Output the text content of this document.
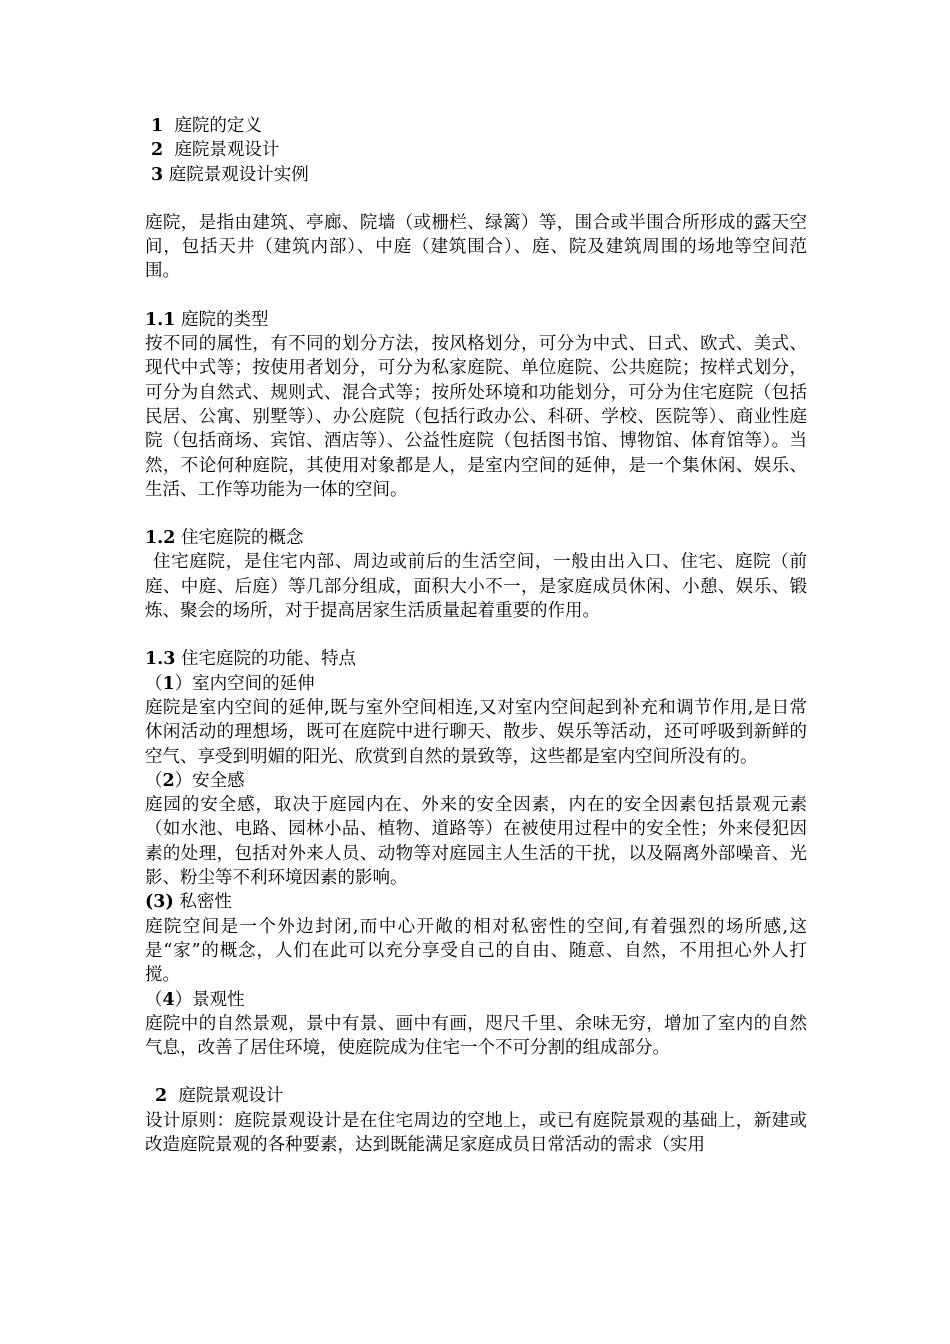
1  庭院的定义
2  庭院景观设计
3 庭院景观设计实例

庭院，是指由建筑、亭廊、院墙（或栅栏、绿篱）等，围合或半围合所形成的露天空间，包括天井（建筑内部）、中庭（建筑围合）、庭、院及建筑周围的场地等空间范围。

1.1 庭院的类型

按不同的属性，有不同的划分方法，按风格划分，可分为中式、日式、欧式、美式、现代中式等；按使用者划分，可分为私家庭院、单位庭院、公共庭院；按样式划分，可分为自然式、规则式、混合式等；按所处环境和功能划分，可分为住宅庭院（包括民居、公寓、别墅等）、办公庭院（包括行政办公、科研、学校、医院等）、商业性庭院（包括商场、宾馆、酒店等）、公益性庭院（包括图书馆、博物馆、体育馆等）。当然，不论何种庭院，其使用对象都是人，是室内空间的延伸，是一个集休闲、娱乐、生活、工作等功能为一体的空间。

1.2 住宅庭院的概念

住宅庭院，是住宅内部、周边或前后的生活空间，一般由出入口、住宅、庭院（前庭、中庭、后庭）等几部分组成，面积大小不一，是家庭成员休闲、小憩、娱乐、锻炼、聚会的场所，对于提高居家生活质量起着重要的作用。

1.3 住宅庭院的功能、特点
（1）室内空间的延伸

庭院是室内空间的延伸,既与室外空间相连,又对室内空间起到补充和调节作用,是日常休闲活动的理想场，既可在庭院中进行聊天、散步、娱乐等活动，还可呼吸到新鲜的空气、享受到明媚的阳光、欣赏到自然的景致等，这些都是室内空间所没有的。

（2）安全感

庭园的安全感，取决于庭园内在、外来的安全因素，内在的安全因素包括景观元素（如水池、电路、园林小品、植物、道路等）在被使用过程中的安全性；外来侵犯因素的处理，包括对外来人员、动物等对庭园主人生活的干扰，以及隔离外部噪音、光影、粉尘等不利环境因素的影响。

(3) 私密性

庭院空间是一个外边封闭,而中心开敞的相对私密性的空间,有着强烈的场所感,这是“家”的概念，人们在此可以充分享受自己的自由、随意、自然，不用担心外人打搅。

（4）景观性

庭院中的自然景观，景中有景、画中有画，咫尺千里、余味无穷，增加了室内的自然气息，改善了居住环境，使庭院成为住宅一个不可分割的组成部分。

2  庭院景观设计

设计原则：庭院景观设计是在住宅周边的空地上，或已有庭院景观的基础上，新建或改造庭院景观的各种要素，达到既能满足家庭成员日常活动的需求（实用
